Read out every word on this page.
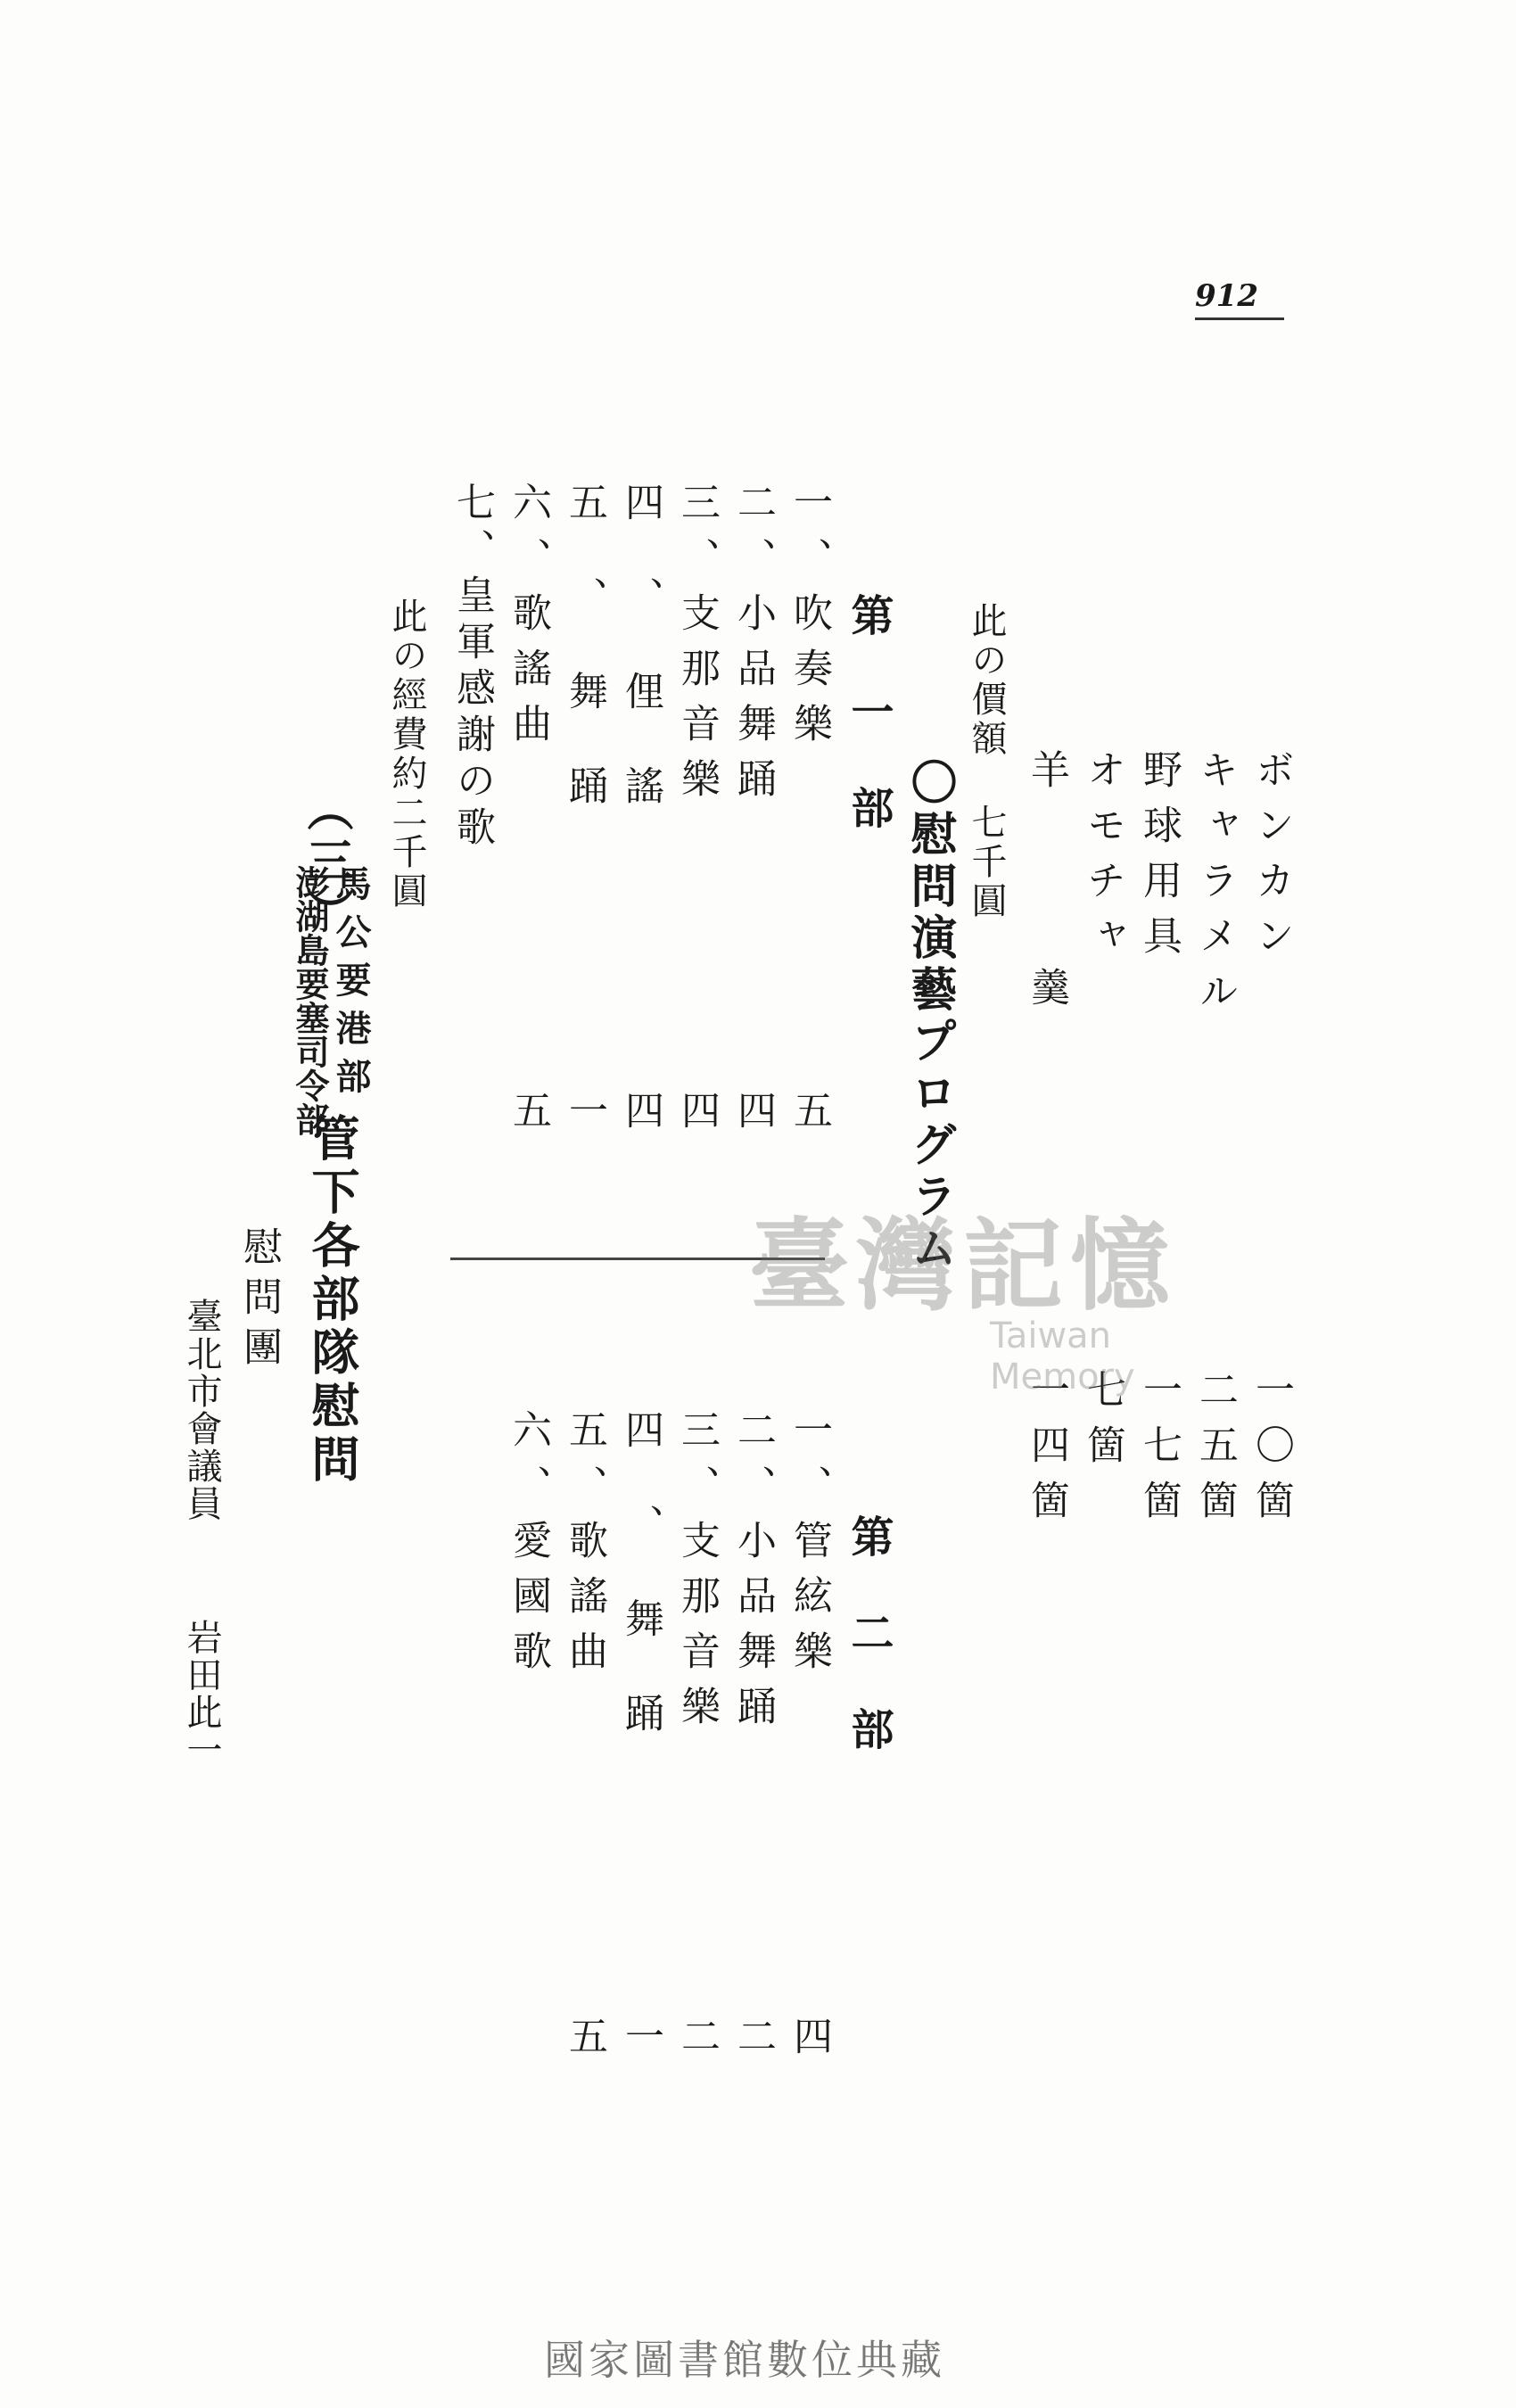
912
ボンカン
一〇箇
キャラメル
二五箇
野球用具
一七箇
オモチャ
七箇
羊羹
一四箇
此の價額 七千圓
〇慰問演藝プログラム
第一部
一、吹奏樂
五
二、小品舞踊
四
三、支那音樂
四
四、俚謠
四
五、舞踊
一
六、歌謠曲
五
七、皇軍感謝の歌
此の經費約二千圓
第二部
一、管絃樂
四
二、小品舞踊
二
三、支那音樂
二
四、舞踊
一
五、歌謠曲
五
六、愛國歌
（三）
馬公要港部
澎湖島要塞司令部
管下各部隊慰問
慰問團
臺北市會議員 岩田此一
臺灣記憶
Taiwan Memory
國家圖書館數位典藏
